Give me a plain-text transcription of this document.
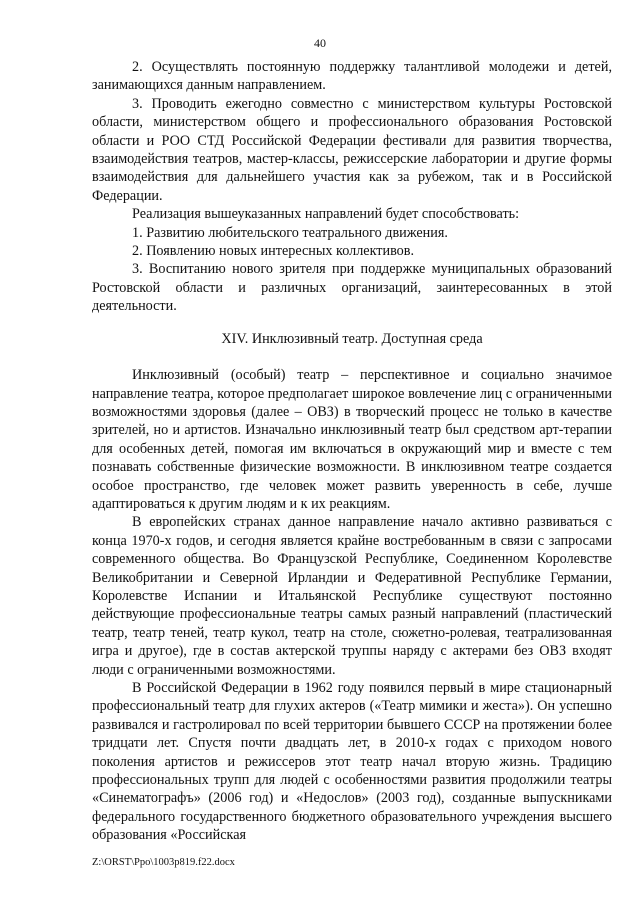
40

2. Осуществлять постоянную поддержку талантливой молодежи и детей, занимающихся данным направлением.

3. Проводить ежегодно совместно с министерством культуры Ростовской области, министерством общего и профессионального образования Ростовской области и РОО СТД Российской Федерации фестивали для развития творчества, взаимодействия театров, мастер-классы, режиссерские лаборатории и другие формы взаимодействия для дальнейшего участия как за рубежом, так и в Российской Федерации.

Реализация вышеуказанных направлений будет способствовать:

1. Развитию любительского театрального движения.

2. Появлению новых интересных коллективов.

3. Воспитанию нового зрителя при поддержке муниципальных образований Ростовской области и различных организаций, заинтересованных в этой деятельности.

XIV. Инклюзивный театр. Доступная среда

Инклюзивный (особый) театр – перспективное и социально значимое направление театра, которое предполагает широкое вовлечение лиц с ограниченными возможностями здоровья (далее – ОВЗ) в творческий процесс не только в качестве зрителей, но и артистов. Изначально инклюзивный театр был средством арт-терапии для особенных детей, помогая им включаться в окружающий мир и вместе с тем познавать собственные физические возможности. В инклюзивном театре создается особое пространство, где человек может развить уверенность в себе, лучше адаптироваться к другим людям и к их реакциям.

В европейских странах данное направление начало активно развиваться с конца 1970-х годов, и сегодня является крайне востребованным в связи с запросами современного общества. Во Французской Республике, Соединенном Королевстве Великобритании и Северной Ирландии и Федеративной Республике Германии, Королевстве Испании и Итальянской Республике существуют постоянно действующие профессиональные театры самых разный направлений (пластический театр, театр теней, театр кукол, театр на столе, сюжетно-ролевая, театрализованная игра и другое), где в состав актерской труппы наряду с актерами без ОВЗ входят люди с ограниченными возможностями.

В Российской Федерации в 1962 году появился первый в мире стационарный профессиональный театр для глухих актеров («Театр мимики и жеста»). Он успешно развивался и гастролировал по всей территории бывшего СССР на протяжении более тридцати лет. Спустя почти двадцать лет, в 2010-х годах с приходом нового поколения артистов и режиссеров этот театр начал вторую жизнь. Традицию профессиональных трупп для людей с особенностями развития продолжили театры «Синематографъ» (2006 год) и «Недослов» (2003 год), созданные выпускниками федерального государственного бюджетного образовательного учреждения высшего образования «Российская

Z:\ORST\Ppo\1003p819.f22.docx
